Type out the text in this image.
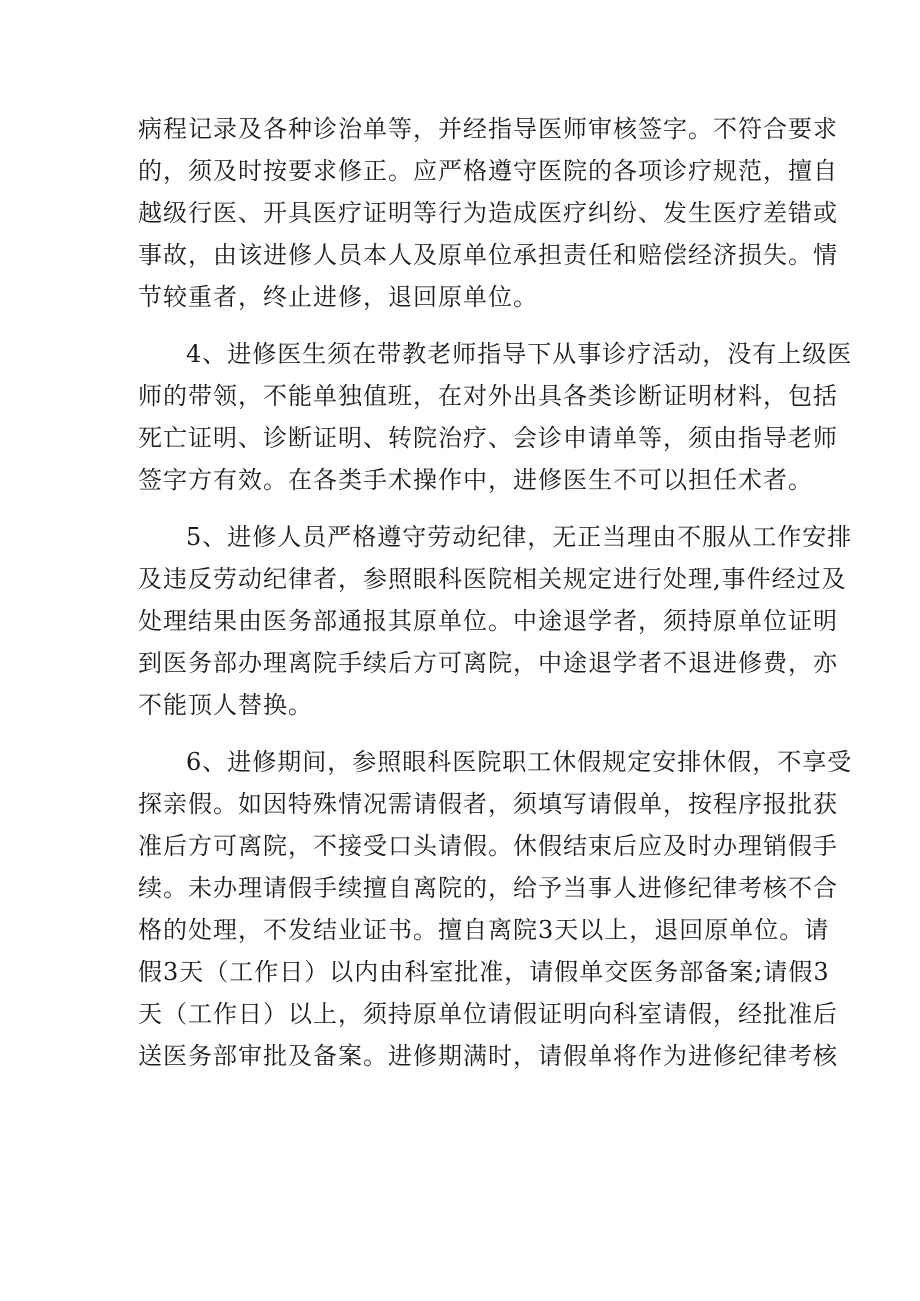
病程记录及各种诊治单等，并经指导医师审核签字。不符合要求
的，须及时按要求修正。应严格遵守医院的各项诊疗规范，擅自
越级行医、开具医疗证明等行为造成医疗纠纷、发生医疗差错或
事故，由该进修人员本人及原单位承担责任和赔偿经济损失。情
节较重者，终止进修，退回原单位。
4、进修医生须在带教老师指导下从事诊疗活动，没有上级医
师的带领，不能单独值班，在对外出具各类诊断证明材料，包括
死亡证明、诊断证明、转院治疗、会诊申请单等，须由指导老师
签字方有效。在各类手术操作中，进修医生不可以担任术者。
5、进修人员严格遵守劳动纪律，无正当理由不服从工作安排
及违反劳动纪律者，参照眼科医院相关规定进行处理,事件经过及
处理结果由医务部通报其原单位。中途退学者，须持原单位证明
到医务部办理离院手续后方可离院，中途退学者不退进修费，亦
不能顶人替换。
6、进修期间，参照眼科医院职工休假规定安排休假，不享受
探亲假。如因特殊情况需请假者，须填写请假单，按程序报批获
准后方可离院，不接受口头请假。休假结束后应及时办理销假手
续。未办理请假手续擅自离院的，给予当事人进修纪律考核不合
格的处理，不发结业证书。擅自离院3天以上，退回原单位。请
假3天（工作日）以内由科室批准，请假单交医务部备案;请假3
天（工作日）以上，须持原单位请假证明向科室请假，经批准后
送医务部审批及备案。进修期满时，请假单将作为进修纪律考核
